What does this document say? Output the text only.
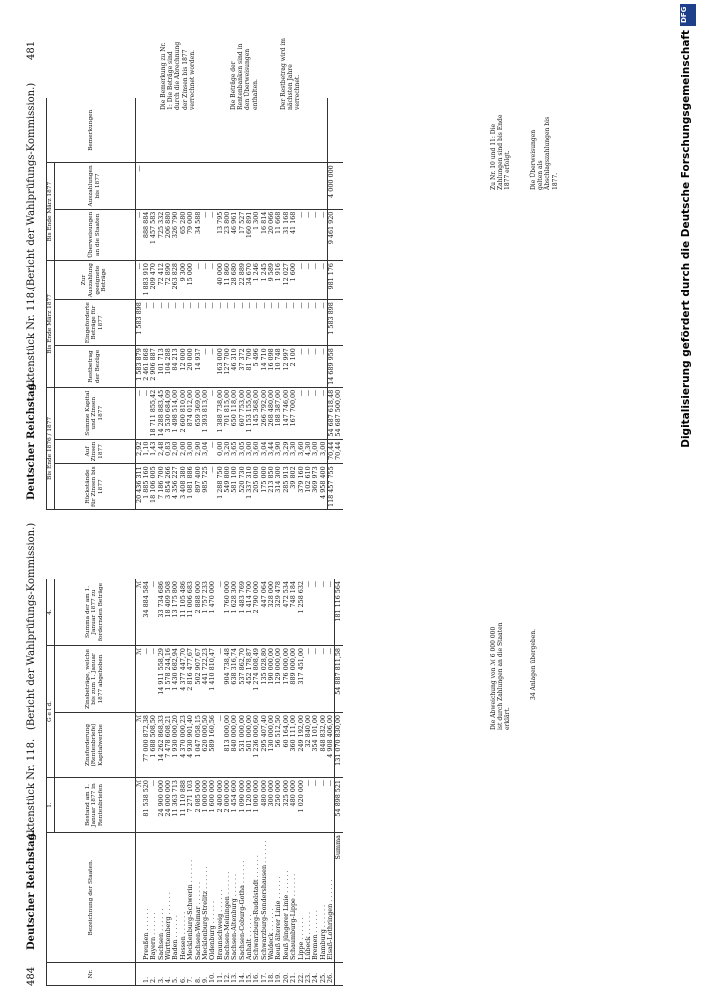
484
Deutscher Reichstag.
Aktenstück Nr. 118.
(Bericht der Wahlprüfungs-Kommission.)
Nr.	Bezeichnung der Staaten.	1.	G e l d.		4.
		Bestand am 1. Januar 1877 in Rentenbriefen	Zinsforderung (Rentenbriefe) Kapitalwerthe	Zinsbeträge, welche bis zum 1. Januar 1877 abgehoben	Summa der am 1. Januar 1877 zu fordernden Beträge
		ℳ	ℳ	ℳ	ℳ
1.	Preußen . . . . . .	81 538 520	77 000 872,38	—	34 884 584
2.	Bayern . . . . . .	—	1 688 508,50	—	—
3.	Sachsen . . . . . .	24 900 000	14 262 868,33	14 911 558,29	33 734 686
4.	Württemberg . . . . . .	24 000 000	7 478 608,21	1 578 244,16	18 409 508
5.	Baden . . . . . .	11 363 713	1 930 000,20	1 430 682,94	13 175 800
6.	Hessen . . . . . .	11 110 888	4 370 000,23	4 377 447,70	11 105 486
7.	Mecklenburg-Schwerin . . . . . .	7 271 103	4 930 901,40	2 816 477,67	11 006 683
8.	Sachsen-Weimar . . . . . .	2 085 000	1 047 058,15	502 907,67	2 888 000
9.	Mecklenburg-Strelitz . . . . . .	1 000 000	620 000,50	441 722,23	1 757 233
10.	Oldenburg . . . . . .	1 600 000	589 160,56	1 410 810,47	1 470 000
11.	Braunschweig . . . . . .	2 400 000	—	—	—
12.	Sachsen-Meiningen . . . . . .	2 000 000	813 000,00	904 738,48	1 760 000
13.	Sachsen-Altenburg . . . . . .	1 454 600	840 000,00	638 316,74	1 628 300
14.	Sachsen-Coburg-Gotha . . . . . .	1 090 000	531 000,00	537 862,70	1 483 769
15.	Anhalt . . . . . .	1 120 000	501 000,00	452 178,87	1 414 700
16.	Schwarzburg-Rudolstadt . . . . . .	1 000 000	1 236 000,60	1 274 808,49	2 790 000
17.	Schwarzburg-Sondershausen . . . . . .	480 000	295 407,40	135 028,80	447 064
18.	Waldeck . . . . . .	300 000	130 000,00	190 000,00	328 000
19.	Reuß älterer Linie . . . . . .	250 000	56 512,50	129 000,00	329 478
20.	Reuß jüngerer Linie . . . . . .	325 000	60 164,00	176 000,00	472 534
21.	Schaumburg-Lippe . . . . . .	480 000	360 111,00	889 000,00	748 184
22.	Lippe . . . . . .	1 020 000	249 192,00	317 451,00	1 258 632
23.	Lübeck . . . . . .	—	32 840,00	—	—
24.	Bremen . . . . . .	—	354 101,00	—	—
25.	Hamburg . . . . . .	—	848 832,00	—	—
26.	Elsaß-Lothringen . . . . . .	—	4 908 406,00	—	—
	Summa	54 898 521	131 070 830,00	54 887 811,58	181 116 564
Die Abweichung von ℳ 6 000 000 ist durch Zahlungen an die Staaten erklärt.
34 Anlagen übergeben.
Deutscher Reichstag.
Aktenstück Nr. 118.
(Bericht der Wahlprüfungs-Kommission.)
481
Bis Ende 1876 / 1877			Bis Ende März 1877			Bis Ende März 1877		Bemerkungen
Rückstände für Zinsen bis 1877	Auf Zinsen 1877	Summe Kapital und Zinsen 1877	Restbetrag der Bezüge	Eingeforderte Beträge für 1877	Zur Auszahlung geeignete Beträge	Überweisungen an die Staaten	Auszahlungen bis 1877	
20 436 311	2,92	—	1 583 879	1 583 898	—	—	—	
1 885 160	1,10	—	2 461 868	—	1 883 910	888 884		
18 106 005	1,43	18 711 855,42	2 906 887	—	209 470	1 457 583		
7 186 700	2,48	14 288 883,45	101 713	—	72 412	725 332		
3 854 266	0,83	3 530 684,09	104 288	—	72 890	206 880		
4 356 227	2,00	1 498 514,00	84 213	—	263 828	326 790		
3 408 380	2,00	2 600 810,00	12 000	—	9 300	65 280		
1 081 886	3,00	874 012,00	20 000	—	15 000	79 000		
897 400	2,90	659 369,00	14 937	—	—	34 588		
985 725	3,04	1 393 813,00	—	—	—	—		
—	—	—	—	—	—	—		
1 288 750	0,00	1 388 738,00	163 000	—	40 000	13 795		
549 800	3,20	701 815,00	127 700	—	11 860	23 800		
581 100	3,65	650 118,00	46 310	—	28 680	46 961		
520 730	3,05	607 753,00	37 372	—	22 889	17 527		
1 337 310	3,00	1 153 155,00	81 700	—	34 670	160 891		
205 000	3,60	145 368,00	5 496	—	1 246	1 300		
175 000	3,04	266 792,00	14 710	—	1 245	16 814		
213 850	3,44	268 480,00	16 098	—	9 589	20 066		
314 300	3,90	188 387,00	10 748	—	1 916	11 668		
285 913	3,29	147 746,00	12 997	—	12 027	31 168		
39 802	3,30	167 700,00	2 100	—	1 600	41 168		
379 160	3,60	—	—	—	—	—		
102 610	4,30	—	—	—	—	—		
369 973	3,00	—	—	—	—	—		
4 958 400	3,00	—	—	—	—	—		
118 457 755	70,44	54 687 618,48	14 689 958	1 583 898	981 176	9 461 920	4 000 000	
	70,44	54 687 500,00						
Die Bemerkung zu Nr. 1: Die Beträge sind durch die Abrechnung der Zinsen bis 1877 verrechnet worden.	Die Beträge der Rentenbanken sind in den Überweisungen enthalten.	Der Restbetrag wird im nächsten Jahre verrechnet.
Zu Nr. 10 und 11: Die Zahlungen sind bis Ende 1877 erfolgt.	Die Überweisungen gelten als Abschlagszahlungen bis 1877.
DFG
Digitalisierung gefördert durch die Deutsche Forschungsgemeinschaft
